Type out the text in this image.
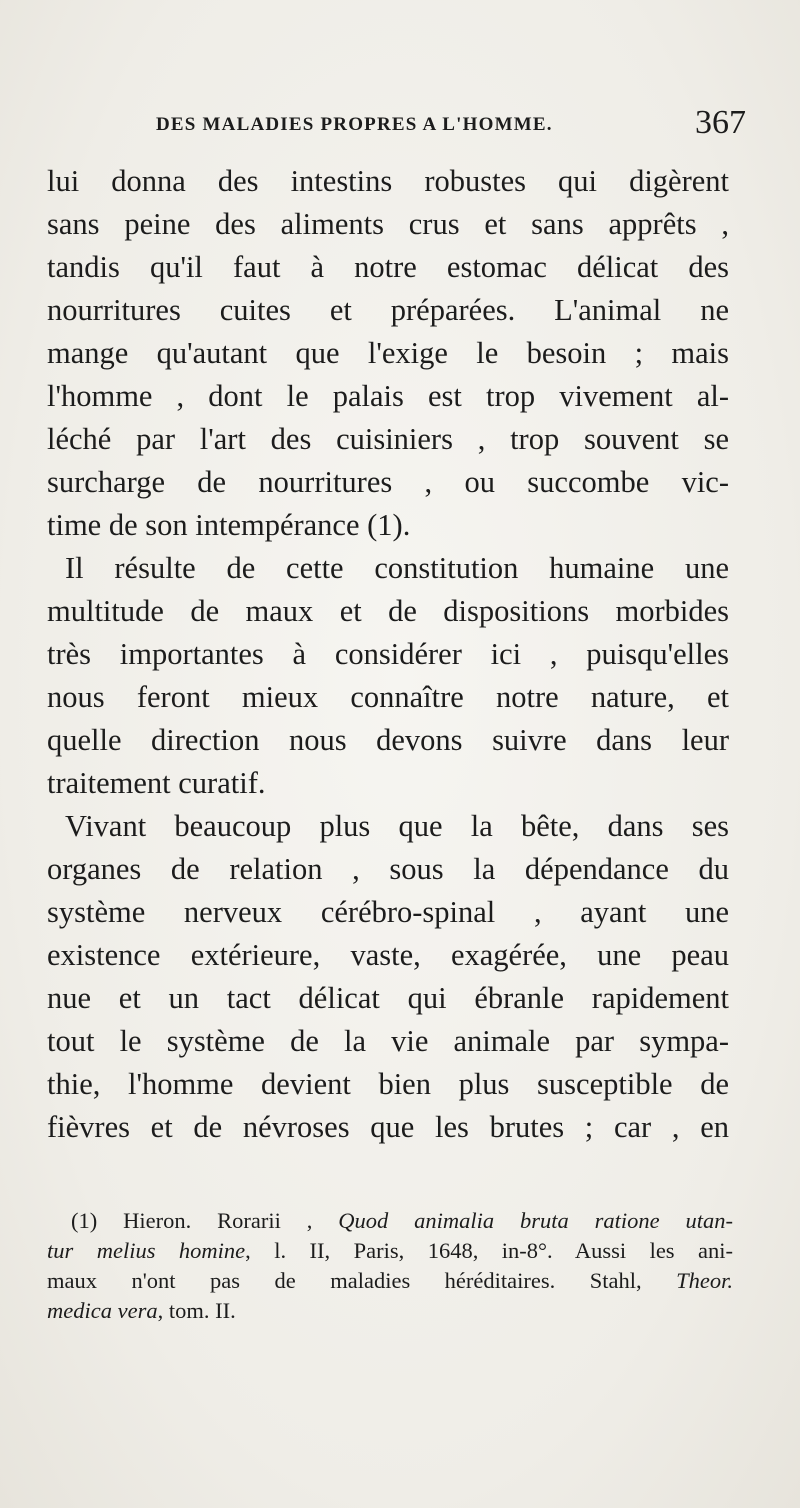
DES MALADIES PROPRES A L'HOMME.	367
lui donna des intestins robustes qui digèrent
sans peine des aliments crus et sans apprêts ,
tandis qu'il faut à notre estomac délicat des
nourritures cuites et préparées. L'animal ne
mange qu'autant que l'exige le besoin ; mais
l'homme , dont le palais est trop vivement al-
léché par l'art des cuisiniers , trop souvent se
surcharge de nourritures , ou succombe vic-
time de son intempérance (1).
Il résulte de cette constitution humaine une
multitude de maux et de dispositions morbides
très importantes à considérer ici , puisqu'elles
nous feront mieux connaître notre nature, et
quelle direction nous devons suivre dans leur
traitement curatif.
Vivant beaucoup plus que la bête, dans ses
organes de relation , sous la dépendance du
système nerveux cérébro-spinal , ayant une
existence extérieure, vaste, exagérée, une peau
nue et un tact délicat qui ébranle rapidement
tout le système de la vie animale par sympa-
thie, l'homme devient bien plus susceptible de
fièvres et de névroses que les brutes ; car , en
(1) Hieron. Rorarii , Quod animalia bruta ratione utan-
tur melius homine, l. II, Paris, 1648, in-8°. Aussi les ani-
maux n'ont pas de maladies héréditaires. Stahl, Theor.
medica vera, tom. II.
